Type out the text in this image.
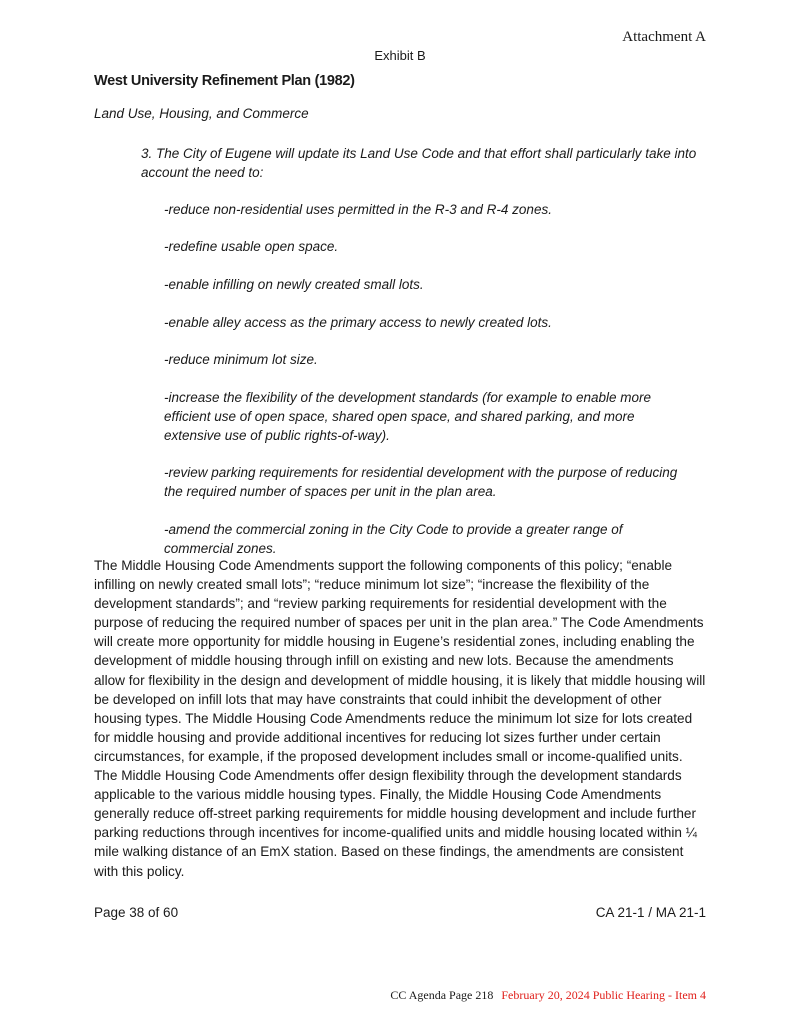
Attachment A
Exhibit B
West University Refinement Plan (1982)
Land Use, Housing, and Commerce
3. The City of Eugene will update its Land Use Code and that effort shall particularly take into account the need to:
-reduce non-residential uses permitted in the R-3 and R-4 zones.
-redefine usable open space.
-enable infilling on newly created small lots.
-enable alley access as the primary access to newly created lots.
-reduce minimum lot size.
-increase the flexibility of the development standards (for example to enable more efficient use of open space, shared open space, and shared parking, and more extensive use of public rights-of-way).
-review parking requirements for residential development with the purpose of reducing the required number of spaces per unit in the plan area.
-amend the commercial zoning in the City Code to provide a greater range of commercial zones.
The Middle Housing Code Amendments support the following components of this policy; “enable infilling on newly created small lots”; “reduce minimum lot size”; “increase the flexibility of the development standards”; and “review parking requirements for residential development with the purpose of reducing the required number of spaces per unit in the plan area.” The Code Amendments will create more opportunity for middle housing in Eugene’s residential zones, including enabling the development of middle housing through infill on existing and new lots. Because the amendments allow for flexibility in the design and development of middle housing, it is likely that middle housing will be developed on infill lots that may have constraints that could inhibit the development of other housing types. The Middle Housing Code Amendments reduce the minimum lot size for lots created for middle housing and provide additional incentives for reducing lot sizes further under certain circumstances, for example, if the proposed development includes small or income-qualified units. The Middle Housing Code Amendments offer design flexibility through the development standards applicable to the various middle housing types. Finally, the Middle Housing Code Amendments generally reduce off-street parking requirements for middle housing development and include further parking reductions through incentives for income-qualified units and middle housing located within ¼ mile walking distance of an EmX station. Based on these findings, the amendments are consistent with this policy.
Page 38 of 60	CA 21-1 / MA 21-1
CC Agenda Page 218 February 20, 2024 Public Hearing - Item 4
